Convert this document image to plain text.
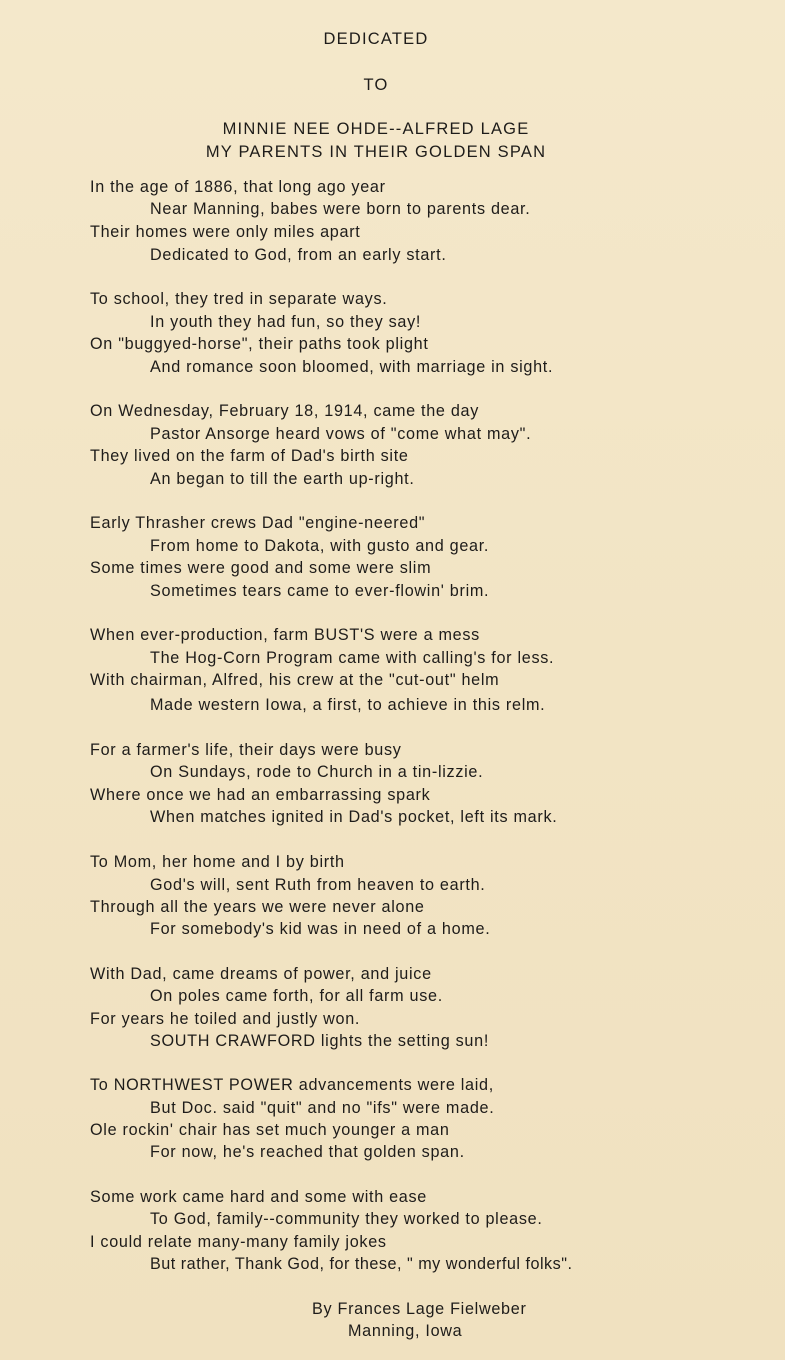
DEDICATED
TO
MINNIE NEE OHDE--ALFRED LAGE
MY PARENTS IN THEIR GOLDEN SPAN
In the age of 1886, that long ago year
Near Manning, babes were born to parents dear.
Their homes were only miles apart
Dedicated to God, from an early start.
To school, they tred in separate ways.
In youth they had fun, so they say!
On "buggyed-horse", their paths took plight
And romance soon bloomed, with marriage in sight.
On Wednesday, February 18, 1914, came the day
Pastor Ansorge heard vows of "come what may".
They lived on the farm of Dad's birth site
An began to till the earth up-right.
Early Thrasher crews Dad "engine-neered"
From home to Dakota, with gusto and gear.
Some times were good and some were slim
Sometimes tears came to ever-flowin' brim.
When ever-production, farm BUST'S were a mess
The Hog-Corn Program came with calling's for less.
With chairman, Alfred, his crew at the "cut-out" helm
Made western Iowa, a first, to achieve in this relm.
For a farmer's life, their days were busy
On Sundays, rode to Church in a tin-lizzie.
Where once we had an embarrassing spark
When matches ignited in Dad's pocket, left its mark.
To Mom, her home and I by birth
God's will, sent Ruth from heaven to earth.
Through all the years we were never alone
For somebody's kid was in need of a home.
With Dad, came dreams of power, and juice
On poles came forth, for all farm use.
For years he toiled and justly won.
SOUTH CRAWFORD lights the setting sun!
To NORTHWEST POWER advancements were laid,
But Doc. said "quit" and no "ifs" were made.
Ole rockin' chair has set much younger a man
For now, he's reached that golden span.
Some work came hard and some with ease
To God, family--community they worked to please.
I could relate many-many family jokes
But rather, Thank God, for these, " my wonderful folks".
By Frances Lage Fielweber
Manning, Iowa
